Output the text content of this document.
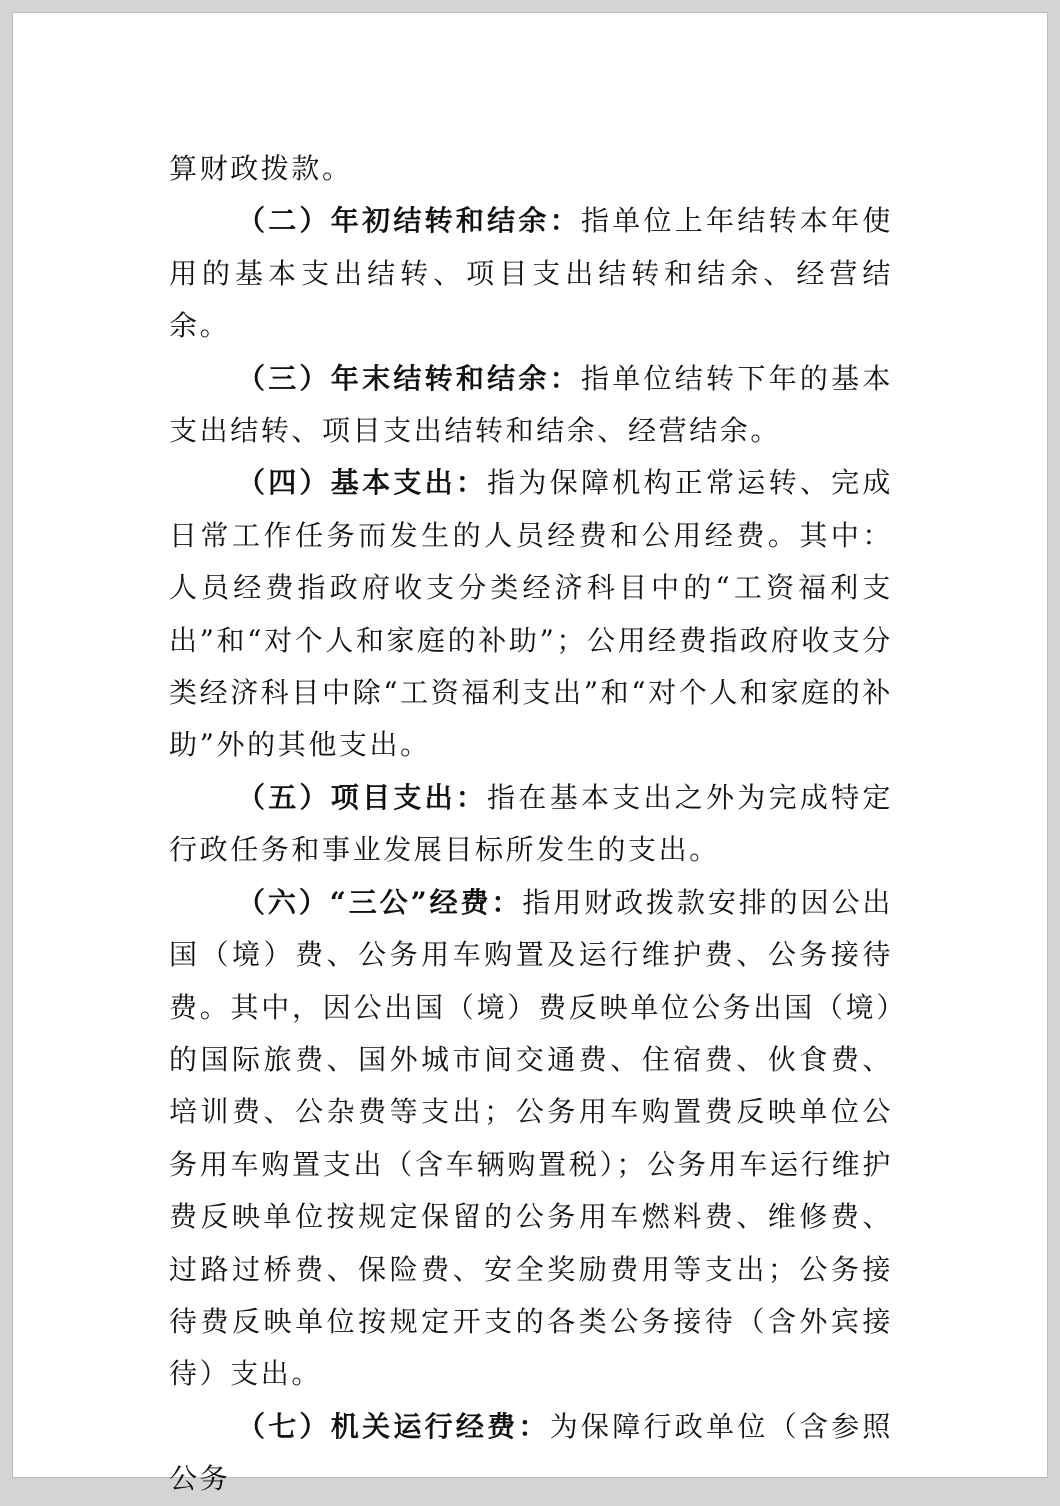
算财政拨款。

（二）年初结转和结余：指单位上年结转本年使用的基本支出结转、项目支出结转和结余、经营结余。

（三）年末结转和结余：指单位结转下年的基本支出结转、项目支出结转和结余、经营结余。

（四）基本支出：指为保障机构正常运转、完成日常工作任务而发生的人员经费和公用经费。其中：人员经费指政府收支分类经济科目中的“工资福利支出”和“对个人和家庭的补助”；公用经费指政府收支分类经济科目中除“工资福利支出”和“对个人和家庭的补助”外的其他支出。

（五）项目支出：指在基本支出之外为完成特定行政任务和事业发展目标所发生的支出。

（六）“三公”经费：指用财政拨款安排的因公出国（境）费、公务用车购置及运行维护费、公务接待费。其中，因公出国（境）费反映单位公务出国（境）的国际旅费、国外城市间交通费、住宿费、伙食费、培训费、公杂费等支出；公务用车购置费反映单位公务用车购置支出（含车辆购置税）；公务用车运行维护费反映单位按规定保留的公务用车燃料费、维修费、过路过桥费、保险费、安全奖励费用等支出；公务接待费反映单位按规定开支的各类公务接待（含外宾接待）支出。

（七）机关运行经费：为保障行政单位（含参照公务
